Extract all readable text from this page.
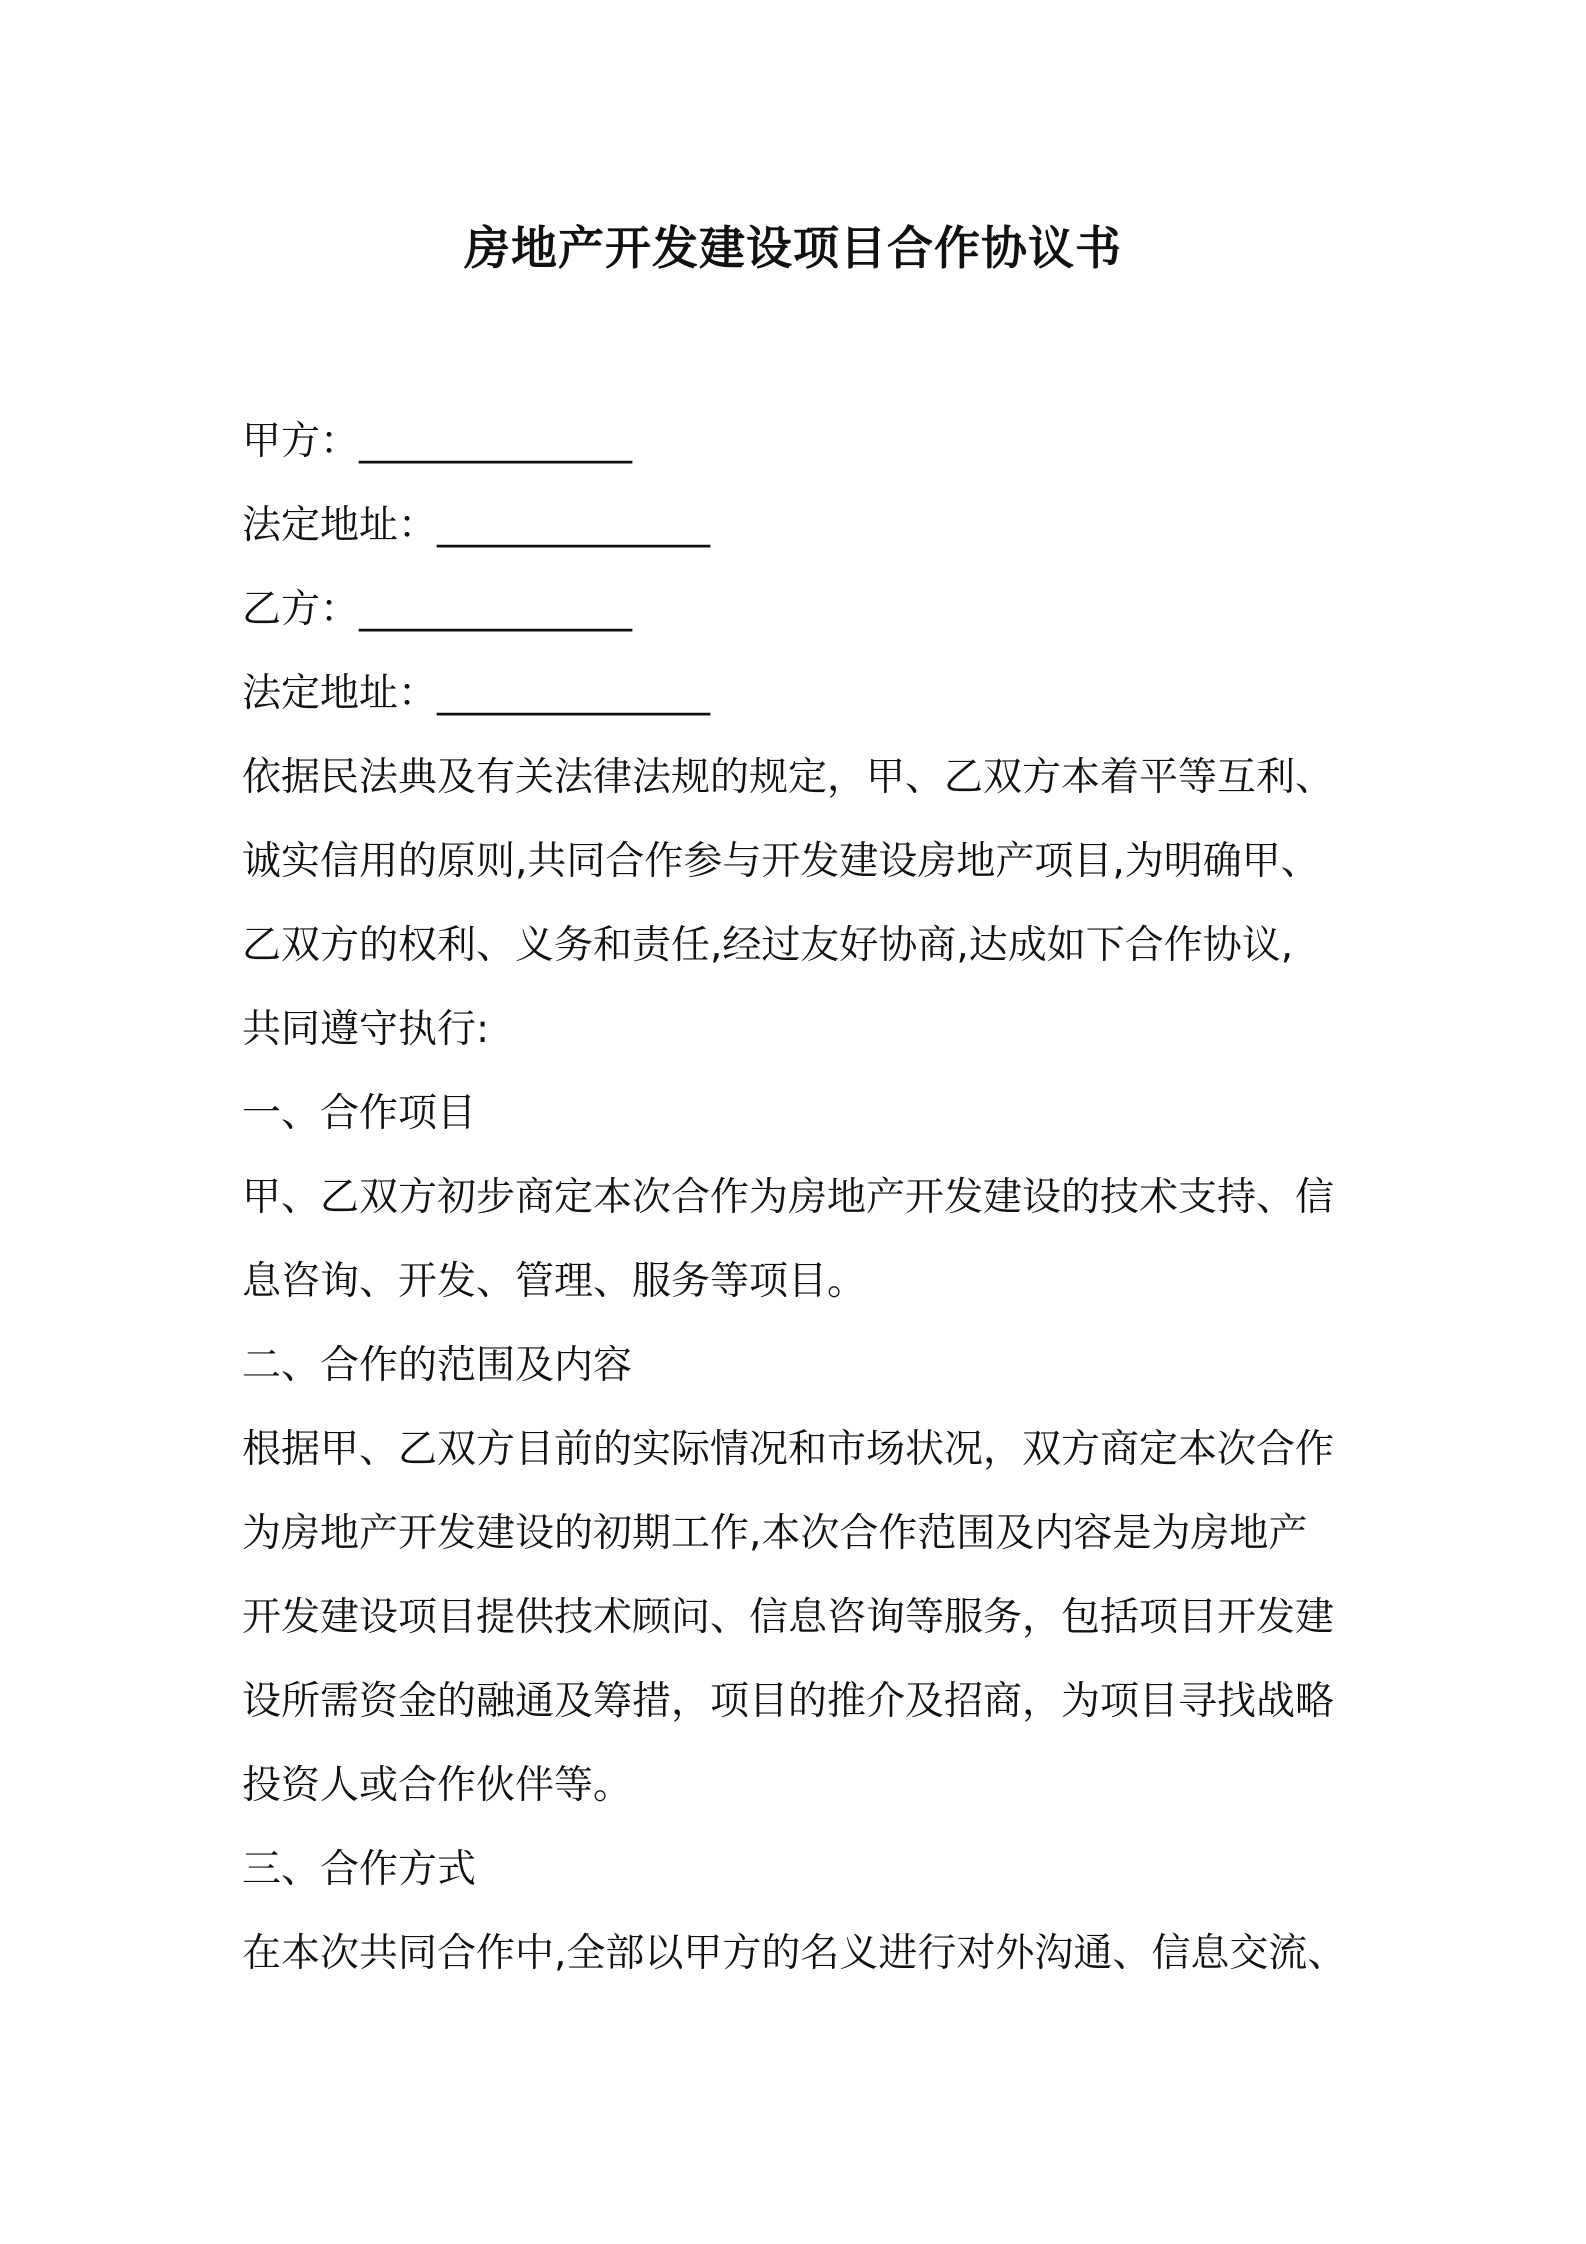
房地产开发建设项目合作协议书
甲方：______________
法定地址：______________
乙方：______________
法定地址：______________

依据民法典及有关法律法规的规定，甲、乙双方本着平等互利、

诚实信用的原则,共同合作参与开发建设房地产项目,为明确甲、

乙双方的权利、义务和责任,经过友好协商,达成如下合作协议,

共同遵守执行:

一、合作项目

甲、乙双方初步商定本次合作为房地产开发建设的技术支持、信

息咨询、开发、管理、服务等项目。

二、合作的范围及内容

根据甲、乙双方目前的实际情况和市场状况，双方商定本次合作

为房地产开发建设的初期工作,本次合作范围及内容是为房地产

开发建设项目提供技术顾问、信息咨询等服务，包括项目开发建

设所需资金的融通及筹措，项目的推介及招商，为项目寻找战略

投资人或合作伙伴等。

三、合作方式

在本次共同合作中,全部以甲方的名义进行对外沟通、信息交流、
